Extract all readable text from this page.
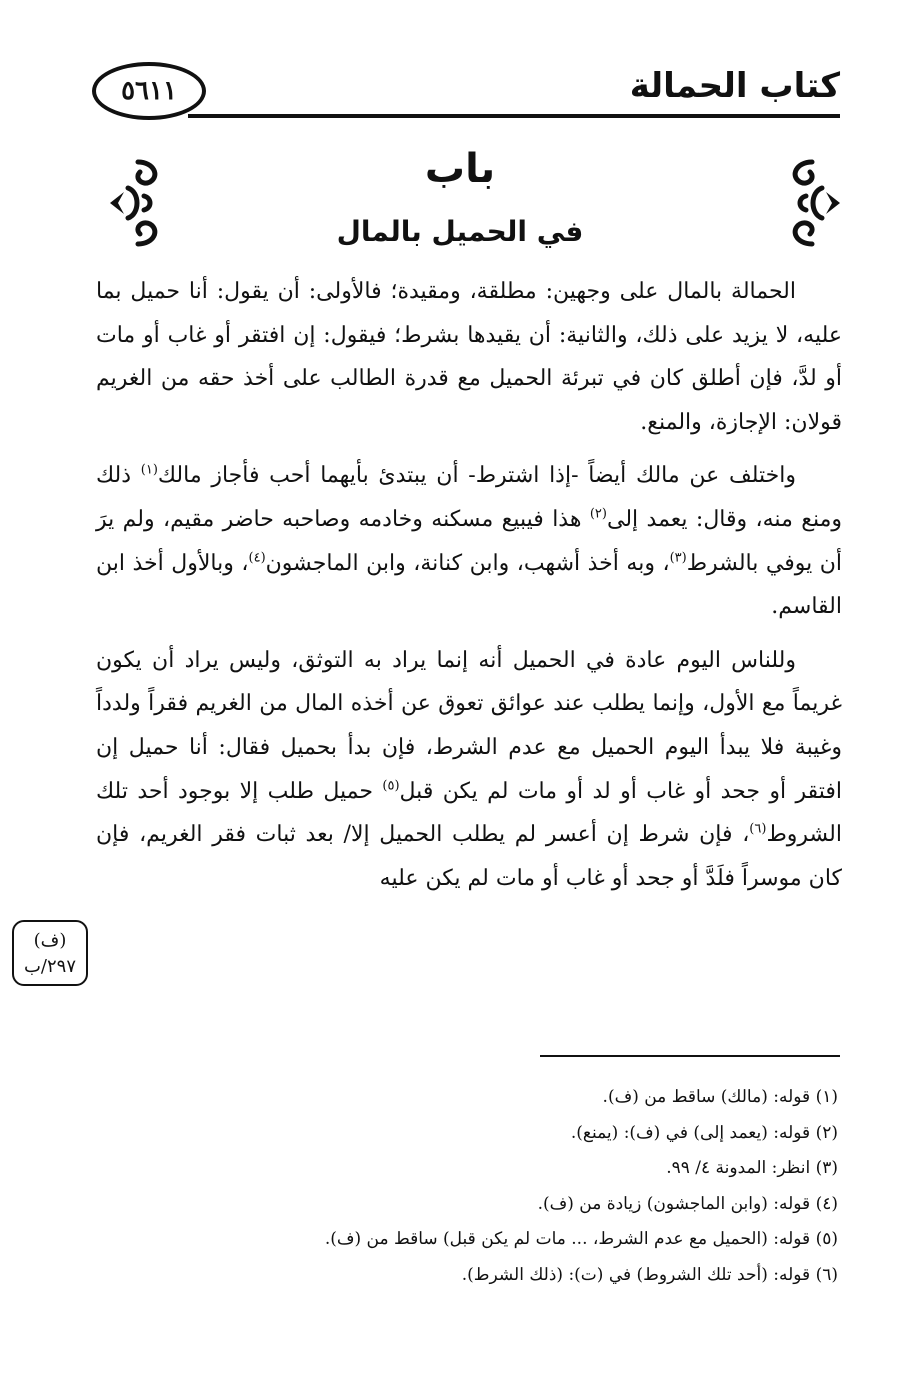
كتاب الحمالة
٥٦١١
باب
في الحميل بالمال

الحمالة بالمال على وجهين: مطلقة، ومقيدة؛ فالأولى: أن يقول: أنا حميل بما عليه، لا يزيد على ذلك، والثانية: أن يقيدها بشرط؛ فيقول: إن افتقر أو غاب أو مات أو لدَّ، فإن أطلق كان في تبرئة الحميل مع قدرة الطالب على أخذ حقه من الغريم قولان: الإجازة، والمنع.

واختلف عن مالك أيضاً -إذا اشترط- أن يبتدئ بأيهما أحب فأجاز مالك$^{(١)}$ ذلك ومنع منه، وقال: يعمد إلى$^{(٢)}$ هذا فيبيع مسكنه وخادمه وصاحبه حاضر مقيم، ولم يرَ أن يوفي بالشرط$^{(٣)}$، وبه أخذ أشهب، وابن كنانة، وابن الماجشون$^{(٤)}$، وبالأول أخذ ابن القاسم.

وللناس اليوم عادة في الحميل أنه إنما يراد به التوثق، وليس يراد أن يكون غريماً مع الأول، وإنما يطلب عند عوائق تعوق عن أخذه المال من الغريم فقراً ولدداً وغيبة فلا يبدأ اليوم الحميل مع عدم الشرط، فإن بدأ بحميل فقال: أنا حميل إن افتقر أو جحد أو غاب أو لد أو مات لم يكن قبل$^{(٥)}$ حميل طلب إلا بوجود أحد تلك الشروط$^{(٦)}$، فإن شرط إن أعسر لم يطلب الحميل إلا/ بعد ثبات فقر الغريم، فإن كان موسراً فلَدَّ أو جحد أو غاب أو مات لم يكن عليه

(ف)
٢٩٧/ب
(١) قوله: (مالك) ساقط من (ف).
(٢) قوله: (يعمد إلى) في (ف): (يمنع).
(٣) انظر: المدونة ٤/ ٩٩.
(٤) قوله: (وابن الماجشون) زيادة من (ف).
(٥) قوله: (الحميل مع عدم الشرط، ... مات لم يكن قبل) ساقط من (ف).
(٦) قوله: (أحد تلك الشروط) في (ت): (ذلك الشرط).
